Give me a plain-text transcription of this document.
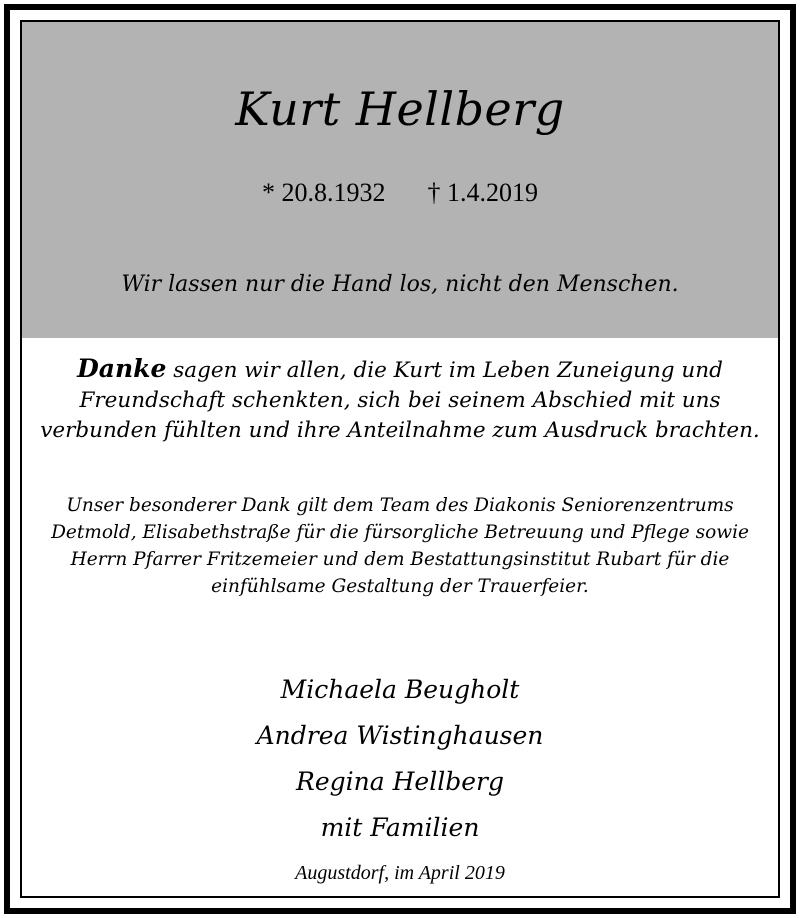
Kurt Hellberg
* 20.8.1932 † 1.4.2019
Wir lassen nur die Hand los, nicht den Menschen.
Danke sagen wir allen, die Kurt im Leben Zuneigung und Freundschaft schenkten, sich bei seinem Abschied mit uns verbunden fühlten und ihre Anteilnahme zum Ausdruck brachten.
Unser besonderer Dank gilt dem Team des Diakonis Seniorenzentrums Detmold, Elisabethstraße für die fürsorgliche Betreuung und Pflege sowie Herrn Pfarrer Fritzemeier und dem Bestattungsinstitut Rubart für die einfühlsame Gestaltung der Trauerfeier.
Michaela Beugholt
Andrea Wistinghausen
Regina Hellberg
mit Familien
Augustdorf, im April 2019
